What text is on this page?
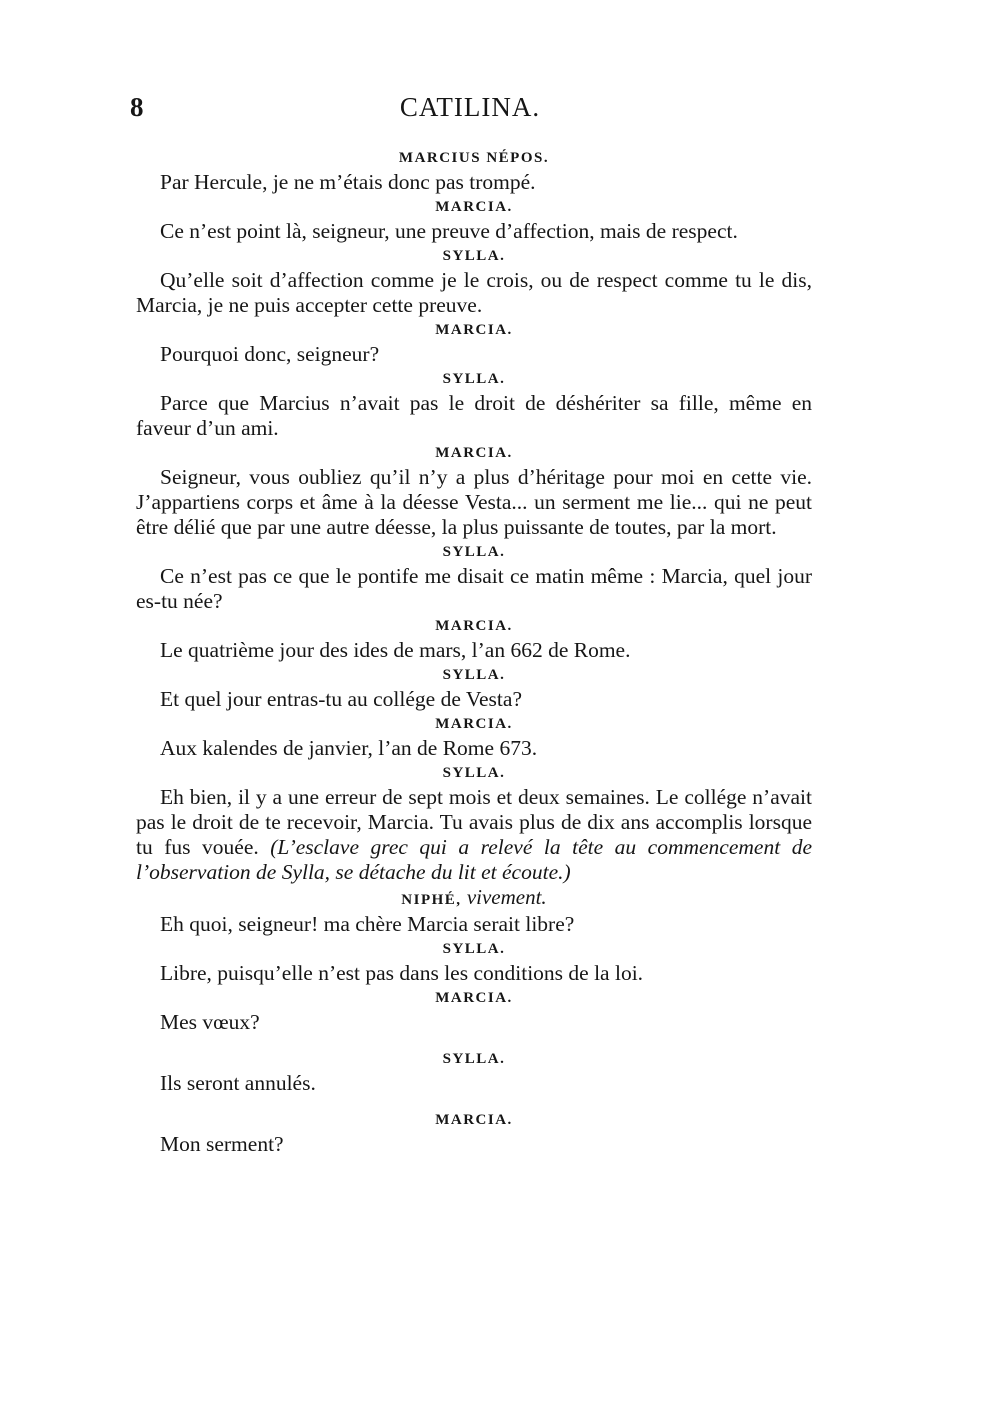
8	CATILINA.
MARCIUS NÉPOS.

Par Hercule, je ne m’étais donc pas trompé.

MARCIA.

Ce n’est point là, seigneur, une preuve d’affection, mais de respect.

SYLLA.

Qu’elle soit d’affection comme je le crois, ou de respect comme tu le dis, Marcia, je ne puis accepter cette preuve.

MARCIA.

Pourquoi donc, seigneur?

SYLLA.

Parce que Marcius n’avait pas le droit de déshériter sa fille, même en faveur d’un ami.

MARCIA.

Seigneur, vous oubliez qu’il n’y a plus d’héritage pour moi en cette vie. J’appartiens corps et âme à la déesse Vesta... un serment me lie... qui ne peut être délié que par une autre déesse, la plus puissante de toutes, par la mort.

SYLLA.

Ce n’est pas ce que le pontife me disait ce matin même : Marcia, quel jour es-tu née?

MARCIA.

Le quatrième jour des ides de mars, l’an 662 de Rome.

SYLLA.

Et quel jour entras-tu au collége de Vesta?

MARCIA.

Aux kalendes de janvier, l’an de Rome 673.

SYLLA.

Eh bien, il y a une erreur de sept mois et deux semaines. Le collége n’avait pas le droit de te recevoir, Marcia. Tu avais plus de dix ans accomplis lorsque tu fus vouée. (L’esclave grec qui a relevé la tête au commencement de l’observation de Sylla, se détache du lit et écoute.)

NIPHÉ, vivement.

Eh quoi, seigneur! ma chère Marcia serait libre?

SYLLA.

Libre, puisqu’elle n’est pas dans les conditions de la loi.

MARCIA.

Mes vœux?

SYLLA.

Ils seront annulés.

MARCIA.

Mon serment?
